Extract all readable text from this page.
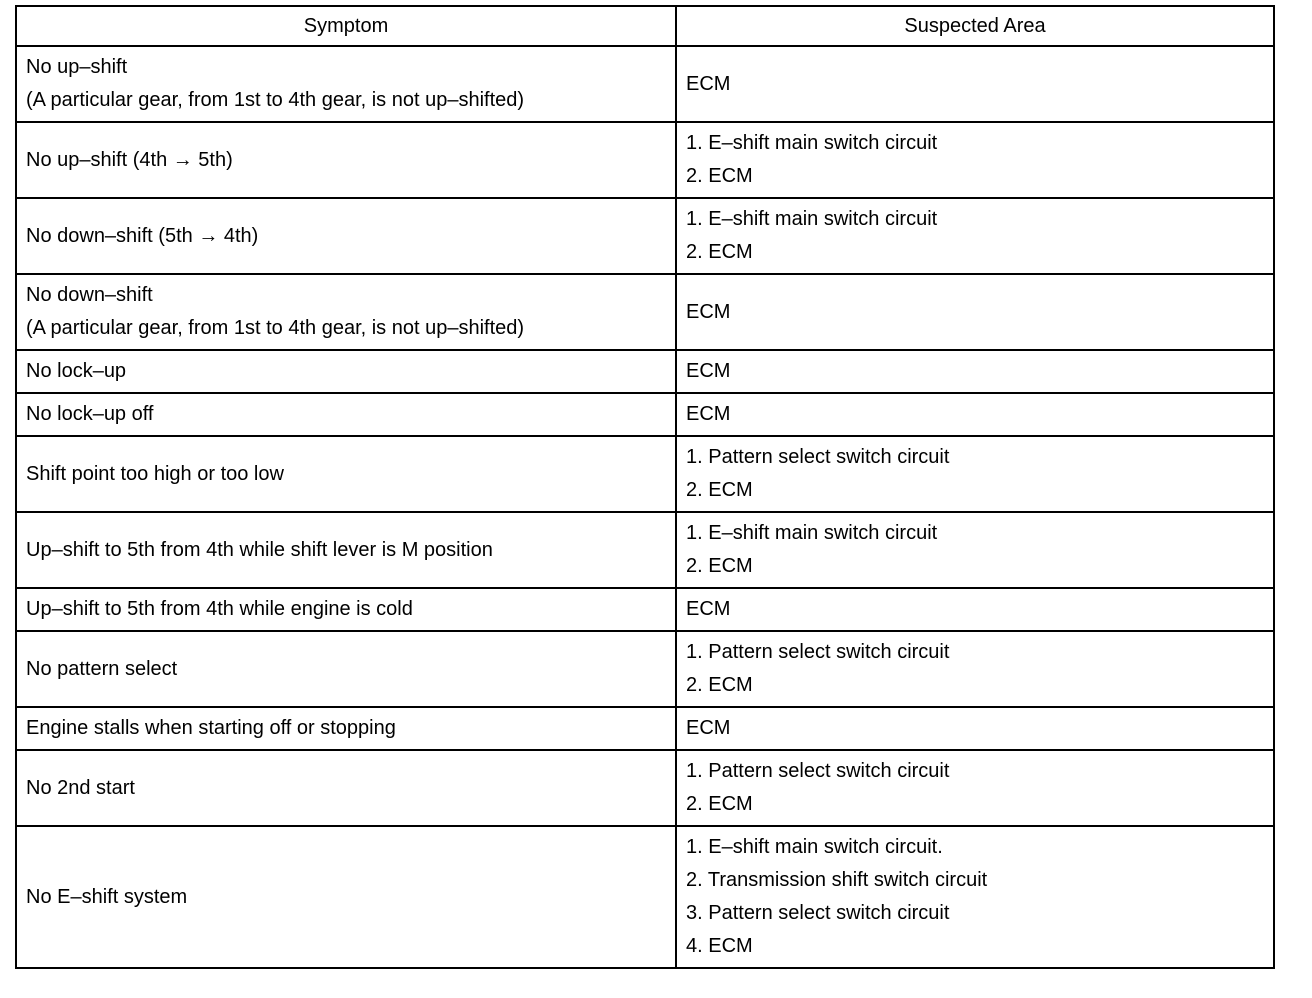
Symptom	Suspected Area

No up–shift
(A particular gear, from 1st to 4th gear, is not up–shifted)	ECM

No up–shift (4th → 5th)	1. E–shift main switch circuit
2. ECM

No down–shift (5th → 4th)	1. E–shift main switch circuit
2. ECM

No down–shift
(A particular gear, from 1st to 4th gear, is not up–shifted)	ECM

No lock–up	ECM

No lock–up off	ECM

Shift point too high or too low	1. Pattern select switch circuit
2. ECM

Up–shift to 5th from 4th while shift lever is M position	1. E–shift main switch circuit
2. ECM

Up–shift to 5th from 4th while engine is cold	ECM

No pattern select	1. Pattern select switch circuit
2. ECM

Engine stalls when starting off or stopping	ECM

No 2nd start	1. Pattern select switch circuit
2. ECM

No E–shift system	1. E–shift main switch circuit.
2. Transmission shift switch circuit
3. Pattern select switch circuit
4. ECM
